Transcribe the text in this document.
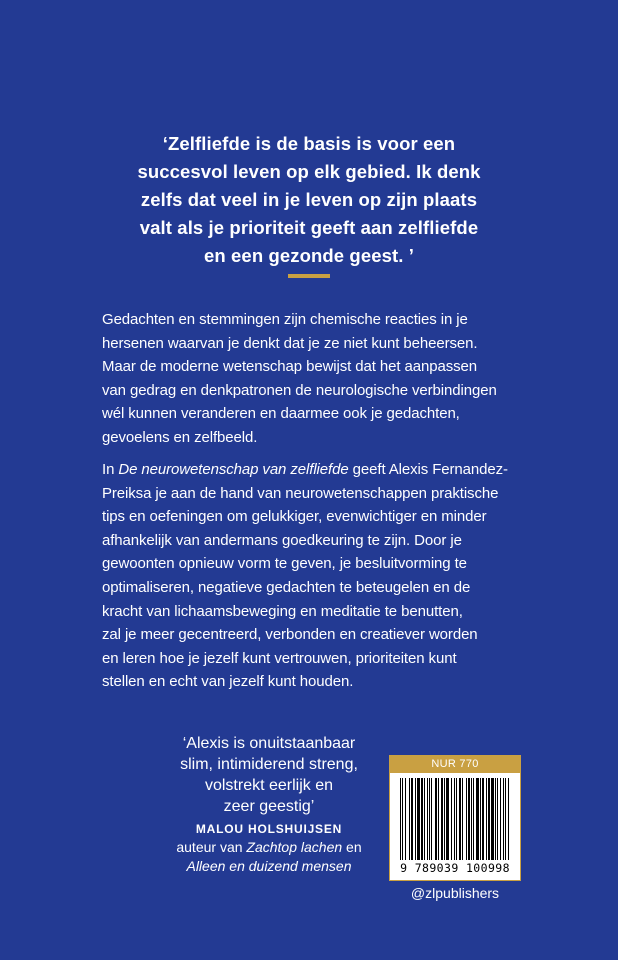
‘Zelfliefde is de basis is voor een
succesvol leven op elk gebied. Ik denk
zelfs dat veel in je leven op zijn plaats
valt als je prioriteit geeft aan zelfliefde
en een gezonde geest. ’
Gedachten en stemmingen zijn chemische reacties in je
hersenen waarvan je denkt dat je ze niet kunt beheersen.
Maar de moderne wetenschap bewijst dat het aanpassen
van gedrag en denkpatronen de neurologische verbindingen
wél kunnen veranderen en daarmee ook je gedachten,
gevoelens en zelfbeeld.
In De neurowetenschap van zelfliefde geeft Alexis Fernandez-
Preiksa je aan de hand van neurowetenschappen praktische
tips en oefeningen om gelukkiger, evenwichtiger en minder
afhankelijk van andermans goedkeuring te zijn. Door je
gewoonten opnieuw vorm te geven, je besluitvorming te
optimaliseren, negatieve gedachten te beteugelen en de
kracht van lichaamsbeweging en meditatie te benutten,
zal je meer gecentreerd, verbonden en creatiever worden
en leren hoe je jezelf kunt vertrouwen, prioriteiten kunt
stellen en echt van jezelf kunt houden.
‘Alexis is onuitstaanbaar
slim, intimiderend streng,
volstrekt eerlijk en
zeer geestig’
MALOU HOLSHUIJSEN
auteur van Zachtop lachen en
Alleen en duizend mensen
NUR 770
9 789039 100998
@zlpublishers
